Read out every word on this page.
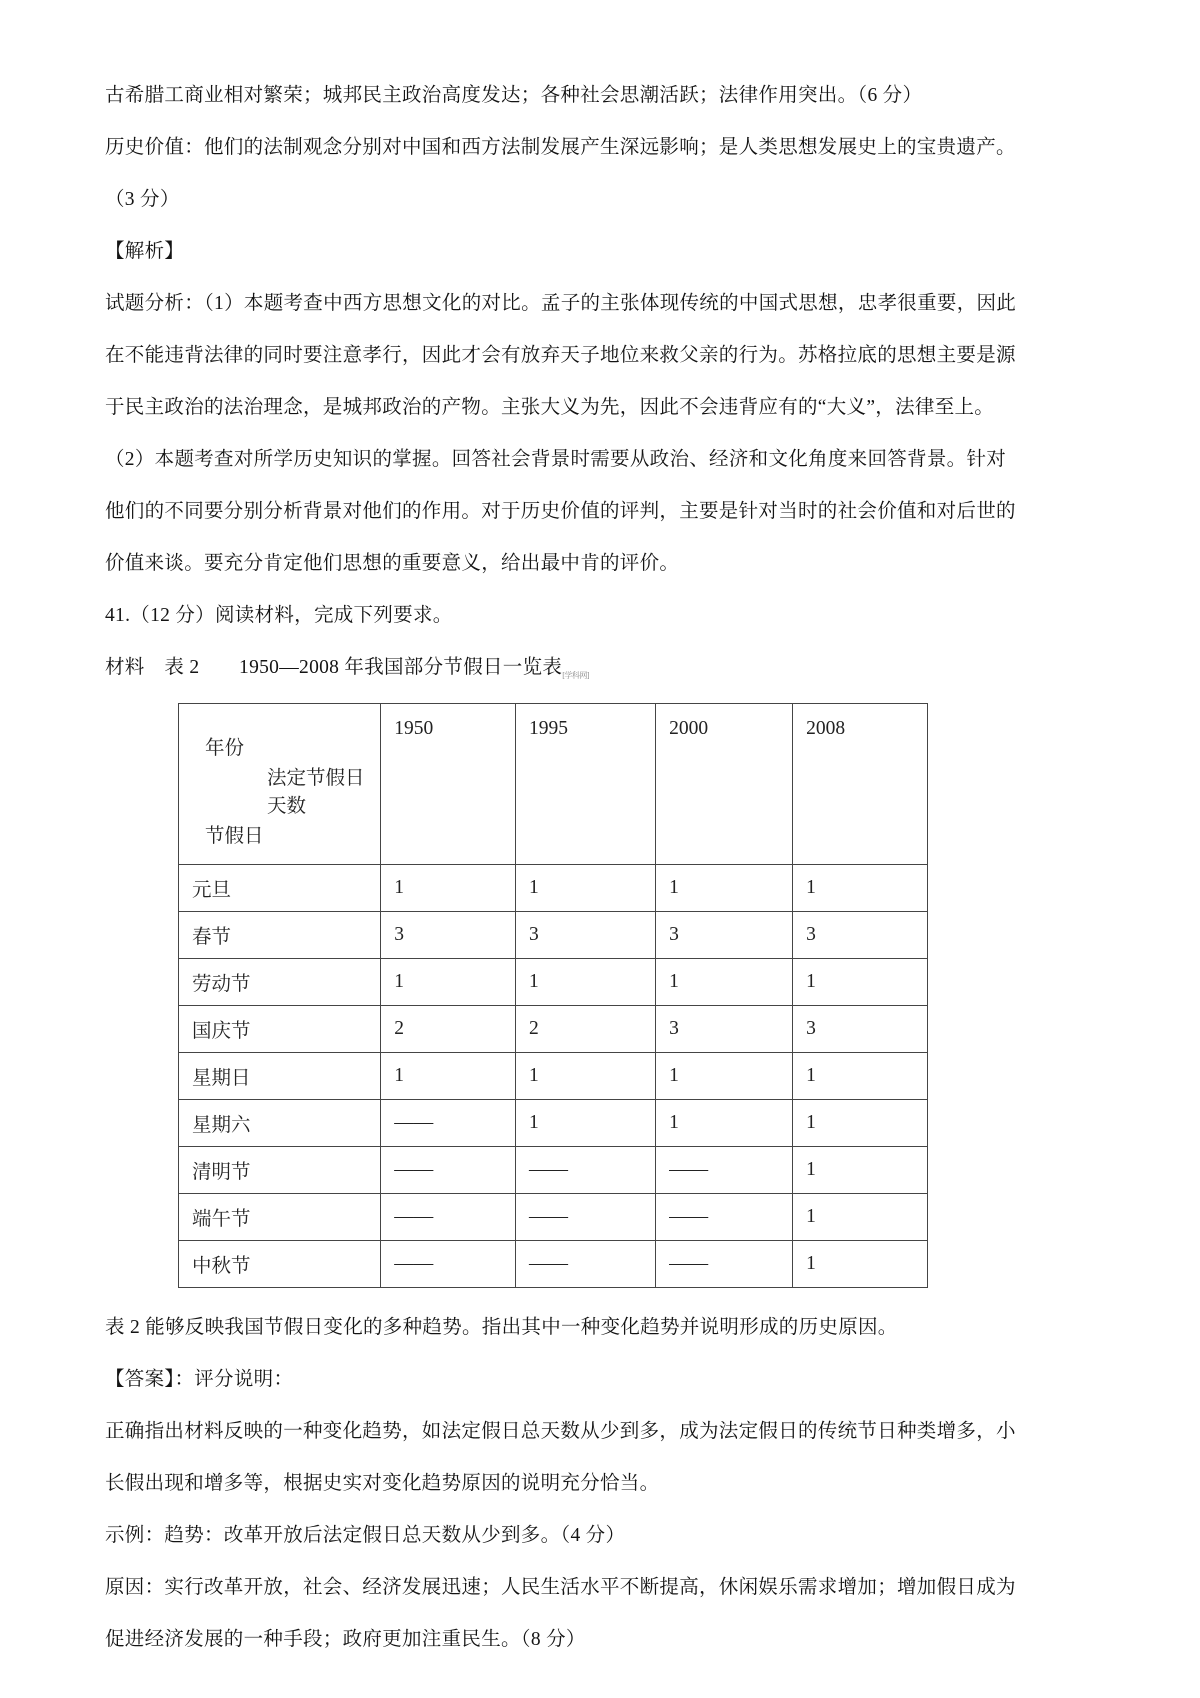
古希腊工商业相对繁荣；城邦民主政治高度发达；各种社会思潮活跃；法律作用突出。（6 分）

历史价值：他们的法制观念分别对中国和西方法制发展产生深远影响；是人类思想发展史上的宝贵遗产。

（3 分）

【解析】

试题分析：（1）本题考查中西方思想文化的对比。孟子的主张体现传统的中国式思想，忠孝很重要，因此

在不能违背法律的同时要注意孝行，因此才会有放弃天子地位来救父亲的行为。苏格拉底的思想主要是源

于民主政治的法治理念，是城邦政治的产物。主张大义为先，因此不会违背应有的“大义”，法律至上。

（2）本题考查对所学历史知识的掌握。回答社会背景时需要从政治、经济和文化角度来回答背景。针对

他们的不同要分别分析背景对他们的作用。对于历史价值的评判，主要是针对当时的社会价值和对后世的

价值来谈。要充分肯定他们思想的重要意义，给出最中肯的评价。

41.（12 分）阅读材料，完成下列要求。

材料　表 2　　1950—2008 年我国部分节假日一览表$_{[学科网]}$

年份
法定节假日天数
节假日	1950	1995	2000	2008
元旦	1	1	1	1
春节	3	3	3	3
劳动节	1	1	1	1
国庆节	2	2	3	3
星期日	1	1	1	1
星期六	——	1	1	1
清明节	——	——	——	1
端午节	——	——	——	1
中秋节	——	——	——	1

表 2 能够反映我国节假日变化的多种趋势。指出其中一种变化趋势并说明形成的历史原因。

【答案】：评分说明：

正确指出材料反映的一种变化趋势，如法定假日总天数从少到多，成为法定假日的传统节日种类增多，小

长假出现和增多等，根据史实对变化趋势原因的说明充分恰当。

示例：趋势：改革开放后法定假日总天数从少到多。（4 分）

原因：实行改革开放，社会、经济发展迅速；人民生活水平不断提高，休闲娱乐需求增加；增加假日成为

促进经济发展的一种手段；政府更加注重民生。（8 分）
